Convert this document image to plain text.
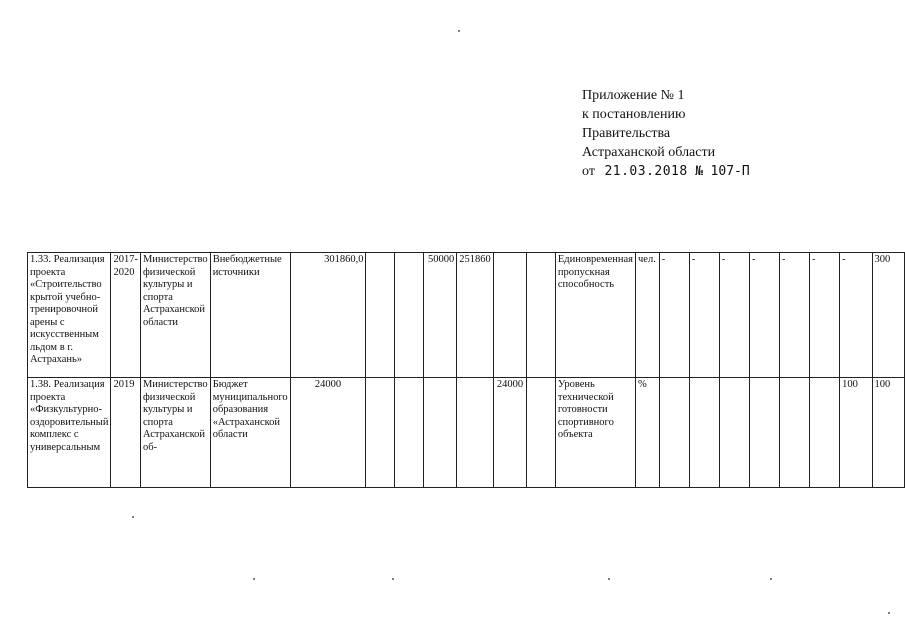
Приложение № 1
к постановлению
Правительства
Астраханской области
от 21.03.2018 № 107-П
1.33. Реализация проекта «Строительство крытой учебно-тренировочной арены с искусственным льдом в г. Астрахань»	2017-2020	Министерство физической культуры и спорта Астраханской области	Внебюджетные источники	301860,0			50000	251860			Единовременная пропускная способность	чел.	-	-	-	-	-	-	-	300
1.38. Реализация проекта «Физкультурно-оздоровительный комплекс с универсальным	2019	Министерство физической культуры и спорта Астраханской об-	Бюджет муниципального образования «Астраханской области	24000					24000		Уровень технической готовности спортивного объекта	%							100	100
